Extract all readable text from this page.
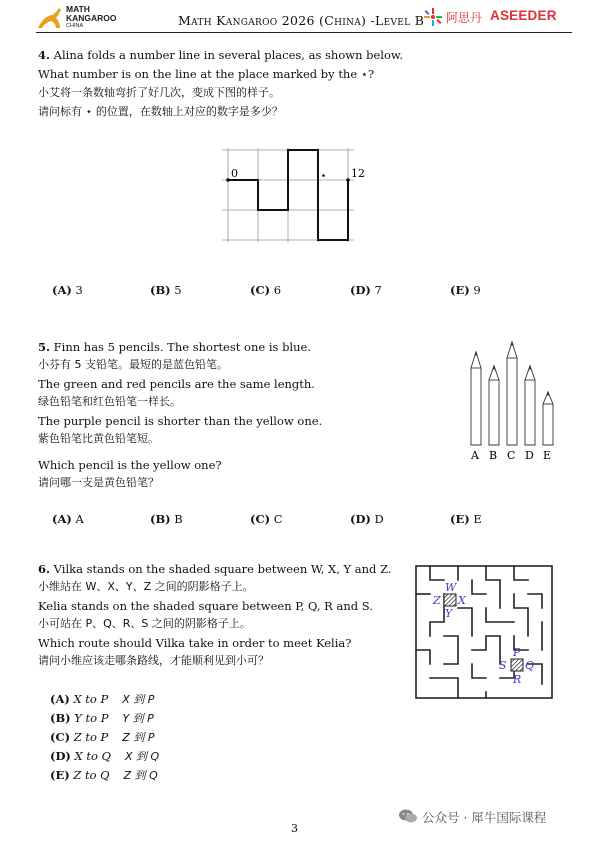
MATH
KANGAROO
CHINA	Math Kangaroo 2026 (China) -Level B 阿思丹 ASEEDER
4. Alina folds a number line in several places, as shown below.
What number is on the line at the place marked by the ⋆?
小艾将一条数轴弯折了好几次，变成下图的样子。
请问标有 ⋆ 的位置，在数轴上对应的数字是多少？
0	12
⋆
(A) 3	(B) 5	(C) 6	(D) 7	(E) 9
5. Finn has 5 pencils. The shortest one is blue.
小芬有 5 支铅笔。最短的是蓝色铅笔。
The green and red pencils are the same length.
绿色铅笔和红色铅笔一样长。
The purple pencil is shorter than the yellow one.
紫色铅笔比黄色铅笔短。
Which pencil is the yellow one?
请问哪一支是黄色铅笔？
A B C D E
(A) A	(B) B	(C) C	(D) D	(E) E
6. Vilka stands on the shaded square between W, X, Y and Z.
小维站在 W、X、Y、Z 之间的阴影格子上。
Kelia stands on the shaded square between P, Q, R and S.
小可站在 P、Q、R、S 之间的阴影格子上。
Which route should Vilka take in order to meet Kelia?
请问小维应该走哪条路线，才能顺利见到小可？
W
X
Y
Z
P
Q
R
S
(A) X to P X 到 P
(B) Y to P Y 到 P
(C) Z to P Z 到 P
(D) X to Q X 到 Q
(E) Z to Q Z 到 Q
公众号 · 犀牛国际课程
3
